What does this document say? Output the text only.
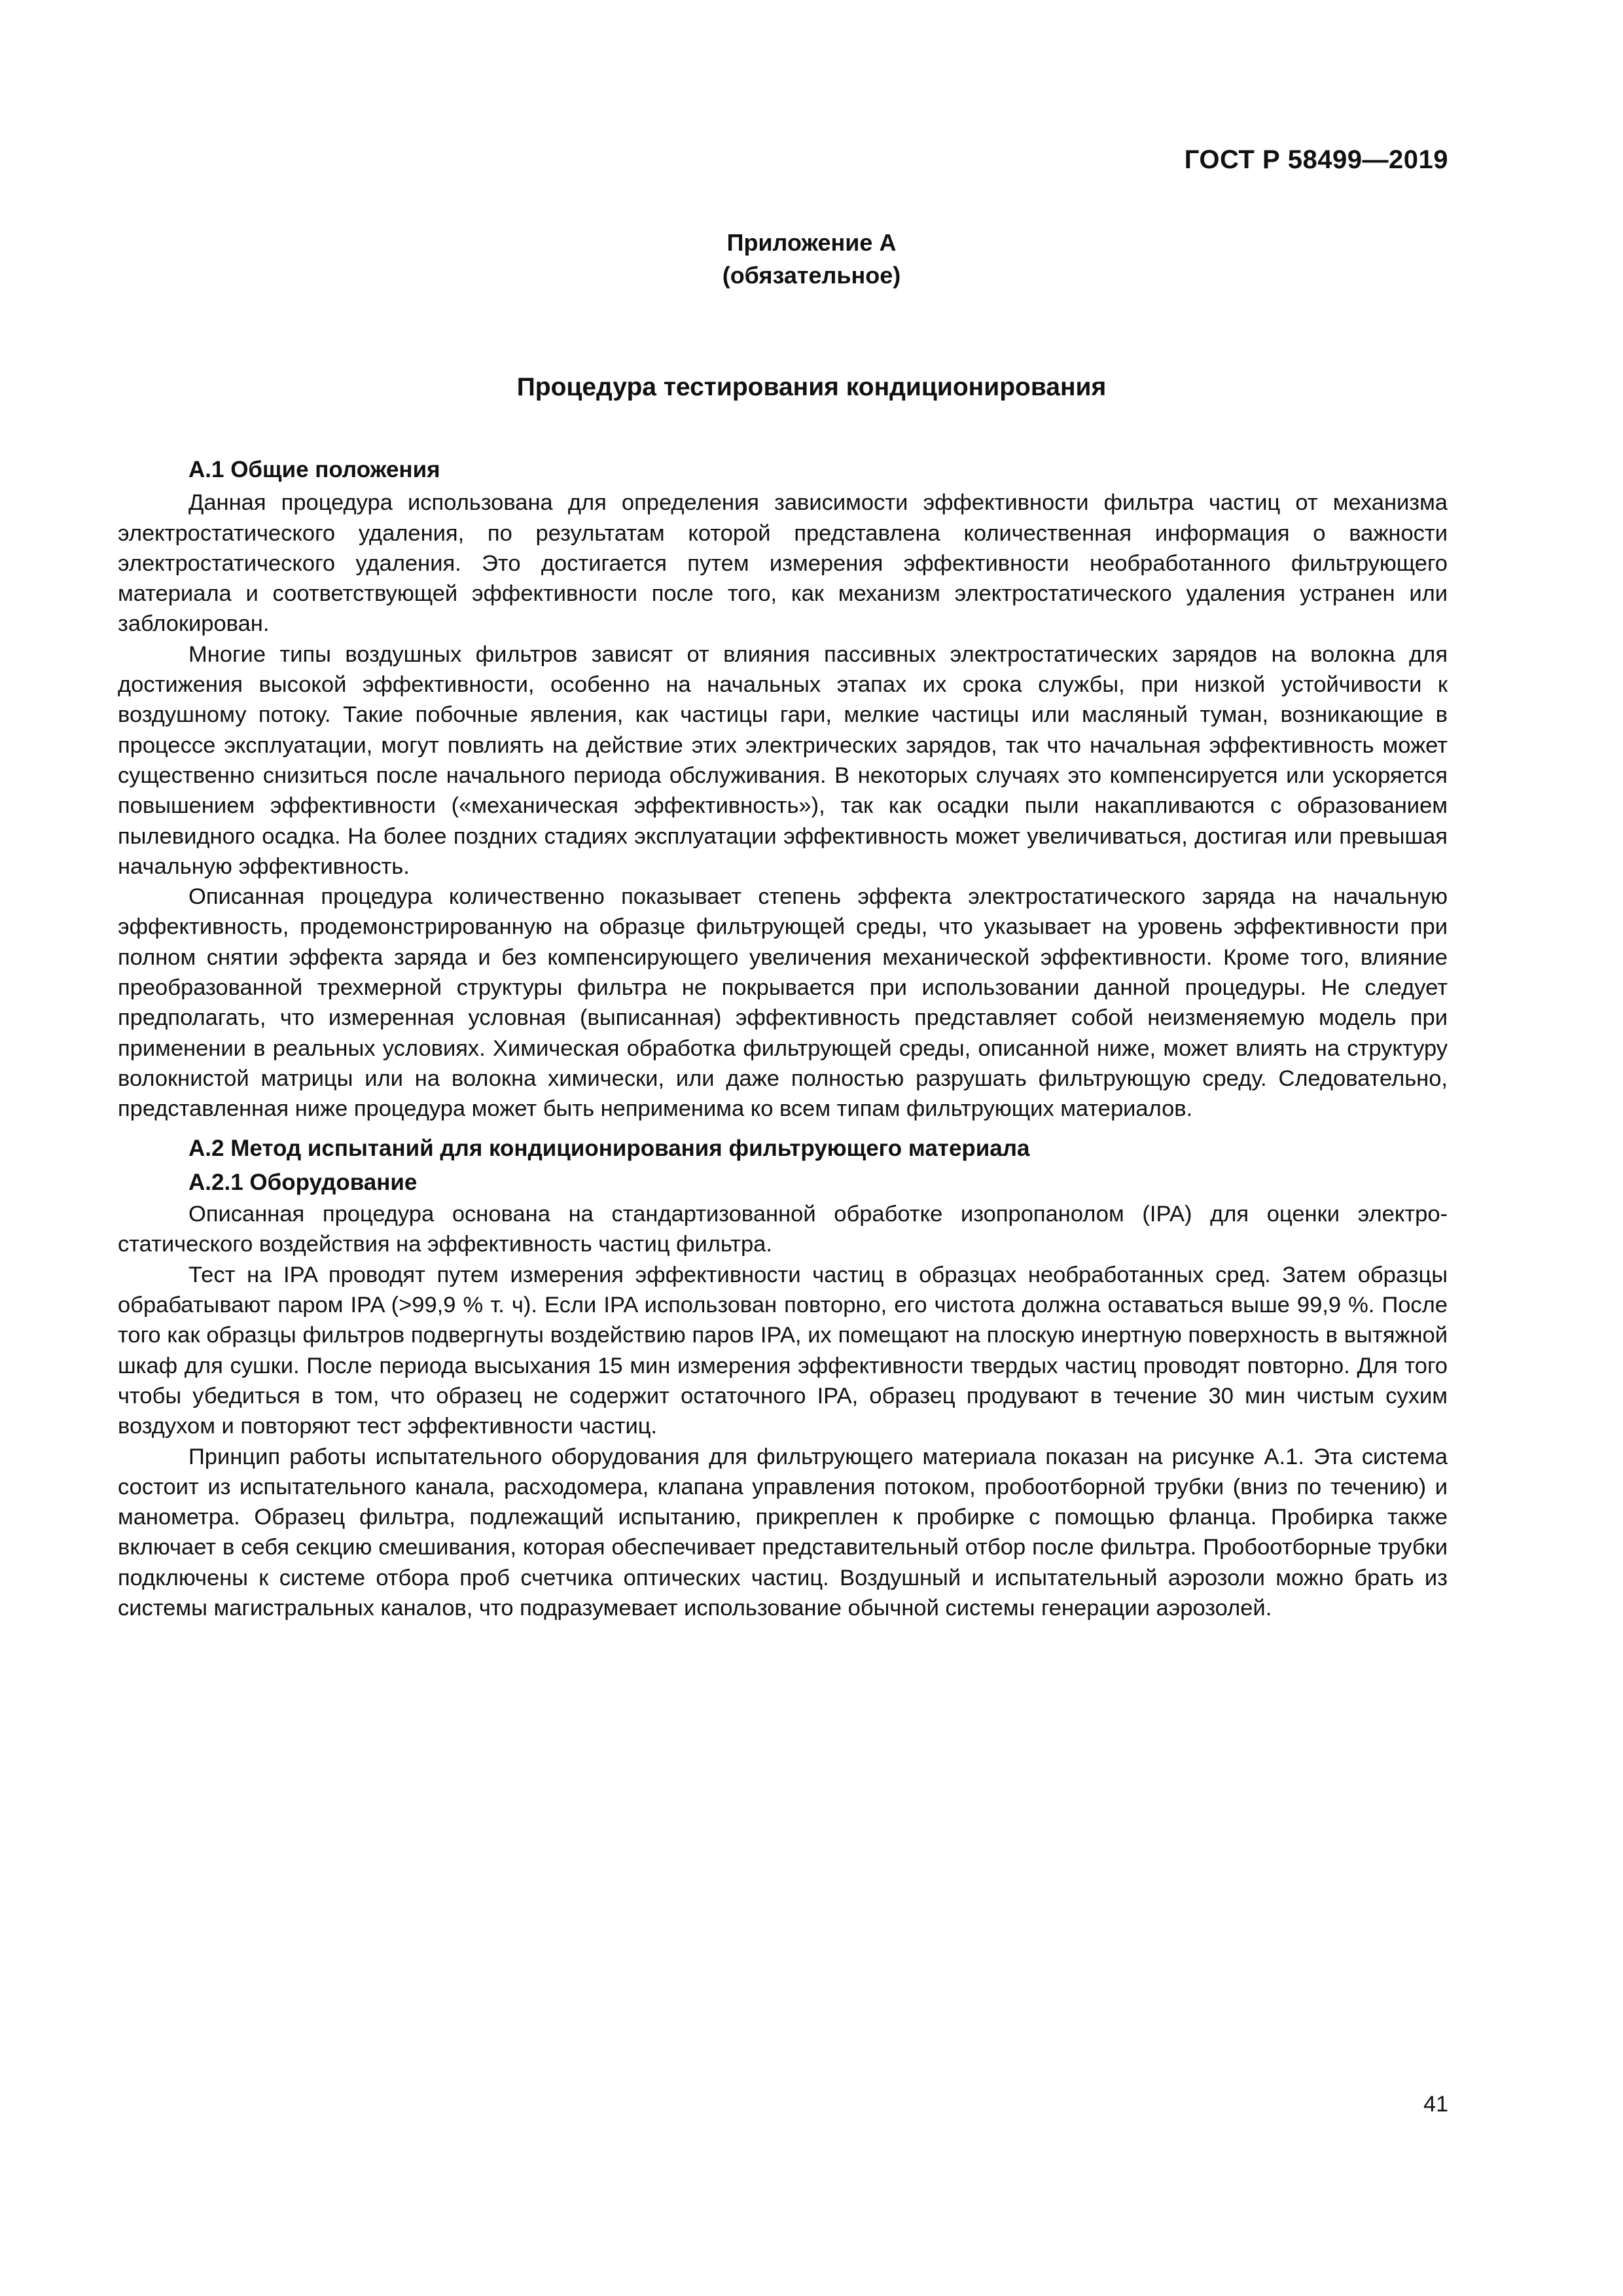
ГОСТ Р 58499—2019
Приложение А
(обязательное)
Процедура тестирования кондиционирования
А.1 Общие положения

Данная процедура использована для определения зависимости эффективности фильтра частиц от механизма электростатического удаления, по результатам которой представлена количественная информация о важности электростатического удаления. Это достигается путем измерения эффективности необработанного фильтрующего материала и соответствующей эффективности после того, как механизм электростатического удаления устранен или заблокирован.

Многие типы воздушных фильтров зависят от влияния пассивных электростатических зарядов на волокна для достижения высокой эффективности, особенно на начальных этапах их срока службы, при низкой устойчивости к воздушному потоку. Такие побочные явления, как частицы гари, мелкие частицы или масляный туман, возникающие в процессе эксплуатации, могут повлиять на действие этих электрических зарядов, так что начальная эффективность может существенно снизиться после начального периода обслуживания. В некоторых случаях это компенсируется или ускоряется повышением эффективности («механическая эффективность»), так как осадки пыли накапливаются с образованием пылевидного осадка. На более поздних стадиях эксплуатации эффективность может увеличиваться, достигая или превышая начальную эффективность.

Описанная процедура количественно показывает степень эффекта электростатического заряда на начальную эффективность, продемонстрированную на образце фильтрующей среды, что указывает на уровень эффективности при полном снятии эффекта заряда и без компенсирующего увеличения механической эффективности. Кроме того, влияние преобразованной трехмерной структуры фильтра не покрывается при использовании данной процедуры. Не следует предполагать, что измеренная условная (выписанная) эффективность представляет собой неизменяемую модель при применении в реальных условиях. Химическая обработка фильтрующей среды, описанной ниже, может влиять на структуру волокнистой матрицы или на волокна химически, или даже полностью разрушать фильтрующую среду. Следовательно, представленная ниже процедура может быть неприменима ко всем типам фильтрующих материалов.

А.2 Метод испытаний для кондиционирования фильтрующего материала
А.2.1 Оборудование

Описанная процедура основана на стандартизованной обработке изопропанолом (IPA) для оценки электростатического воздействия на эффективность частиц фильтра.

Тест на IPA проводят путем измерения эффективности частиц в образцах необработанных сред. Затем образцы обрабатывают паром IPA (>99,9 % т. ч). Если IPA использован повторно, его чистота должна оставаться выше 99,9 %. После того как образцы фильтров подвергнуты воздействию паров IPA, их помещают на плоскую инертную поверхность в вытяжной шкаф для сушки. После периода высыхания 15 мин измерения эффективности твердых частиц проводят повторно. Для того чтобы убедиться в том, что образец не содержит остаточного IPA, образец продувают в течение 30 мин чистым сухим воздухом и повторяют тест эффективности частиц.

Принцип работы испытательного оборудования для фильтрующего материала показан на рисунке А.1. Эта система состоит из испытательного канала, расходомера, клапана управления потоком, пробоотборной трубки (вниз по течению) и манометра. Образец фильтра, подлежащий испытанию, прикреплен к пробирке с помощью фланца. Пробирка также включает в себя секцию смешивания, которая обеспечивает представительный отбор после фильтра. Пробоотборные трубки подключены к системе отбора проб счетчика оптических частиц. Воздушный и испытательный аэрозоли можно брать из системы магистральных каналов, что подразумевает использование обычной системы генерации аэрозолей.

41
